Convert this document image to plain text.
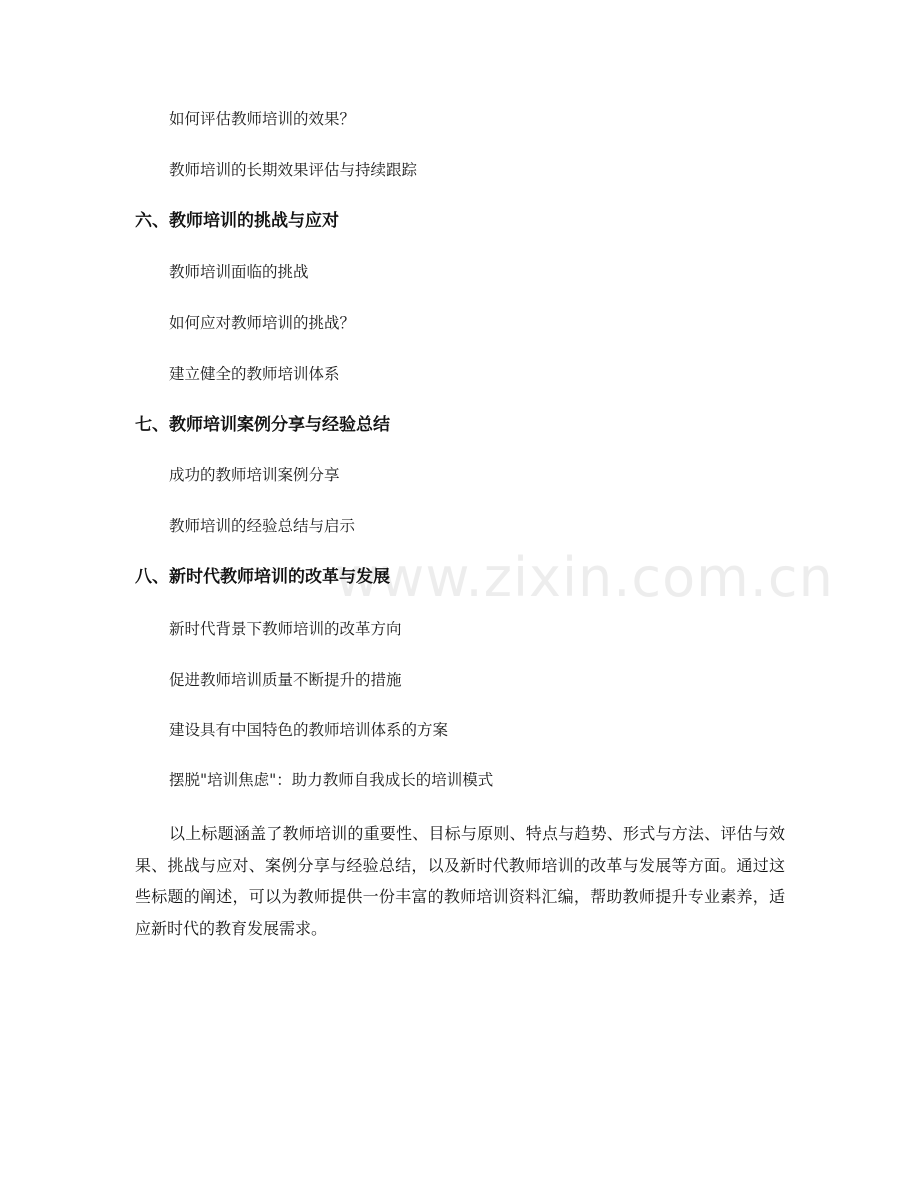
如何评估教师培训的效果？
教师培训的长期效果评估与持续跟踪
六、教师培训的挑战与应对
教师培训面临的挑战
如何应对教师培训的挑战？
建立健全的教师培训体系
七、教师培训案例分享与经验总结
成功的教师培训案例分享
教师培训的经验总结与启示
八、新时代教师培训的改革与发展
新时代背景下教师培训的改革方向
促进教师培训质量不断提升的措施
建设具有中国特色的教师培训体系的方案
摆脱"培训焦虑"：助力教师自我成长的培训模式
以上标题涵盖了教师培训的重要性、目标与原则、特点与趋势、形式与方法、评估与效果、挑战与应对、案例分享与经验总结，以及新时代教师培训的改革与发展等方面。通过这些标题的阐述，可以为教师提供一份丰富的教师培训资料汇编，帮助教师提升专业素养，适应新时代的教育发展需求。
www.zixin.com.cn
